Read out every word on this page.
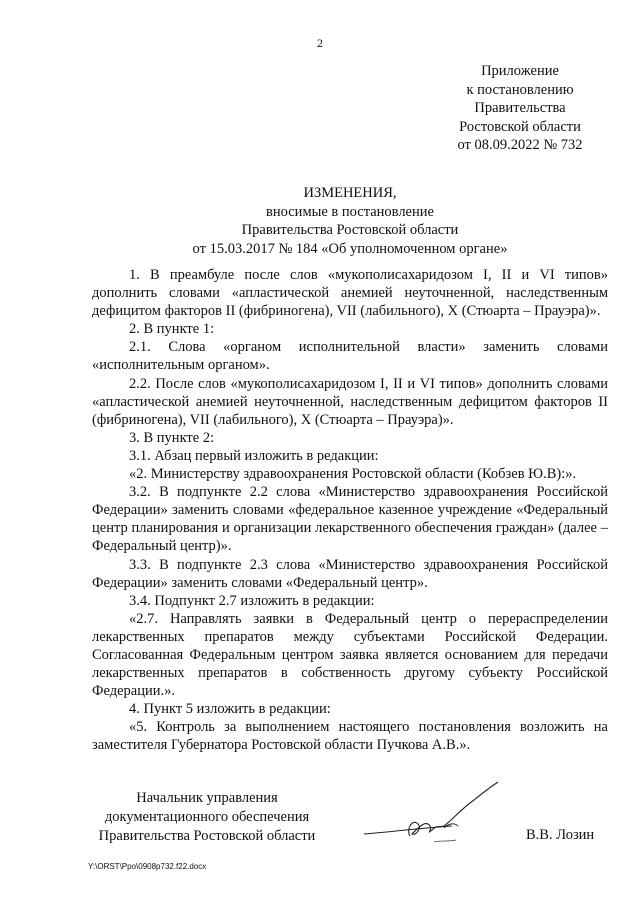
2
Приложение
к постановлению
Правительства
Ростовской области
от 08.09.2022 № 732
ИЗМЕНЕНИЯ,
вносимые в постановление
Правительства Ростовской области
от 15.03.2017 № 184 «Об уполномоченном органе»

1. В преамбуле после слов «мукополисахаридозом I, II и VI типов» дополнить словами «апластической анемией неуточненной, наследственным дефицитом факторов II (фибриногена), VII (лабильного), X (Стюарта – Прауэра)».

2. В пункте 1:

2.1. Слова «органом исполнительной власти» заменить словами «исполнительным органом».

2.2. После слов «мукополисахаридозом I, II и VI типов» дополнить словами «апластической анемией неуточненной, наследственным дефицитом факторов II (фибриногена), VII (лабильного), X (Стюарта – Прауэра)».

3. В пункте 2:

3.1. Абзац первый изложить в редакции:

«2. Министерству здравоохранения Ростовской области (Кобзев Ю.В):».

3.2. В подпункте 2.2 слова «Министерство здравоохранения Российской Федерации» заменить словами «федеральное казенное учреждение «Федеральный центр планирования и организации лекарственного обеспечения граждан» (далее – Федеральный центр)».

3.3. В подпункте 2.3 слова «Министерство здравоохранения Российской Федерации» заменить словами «Федеральный центр».

3.4. Подпункт 2.7 изложить в редакции:

«2.7. Направлять заявки в Федеральный центр о перераспределении лекарственных препаратов между субъектами Российской Федерации. Согласованная Федеральным центром заявка является основанием для передачи лекарственных препаратов в собственность другому субъекту Российской Федерации.».

4. Пункт 5 изложить в редакции:

«5. Контроль за выполнением настоящего постановления возложить на заместителя Губернатора Ростовской области Пучкова А.В.».

Начальник управления
документационного обеспечения
Правительства Ростовской области	В.В. Лозин
Y:\ORST\Ppo\0908p732.f22.docx
